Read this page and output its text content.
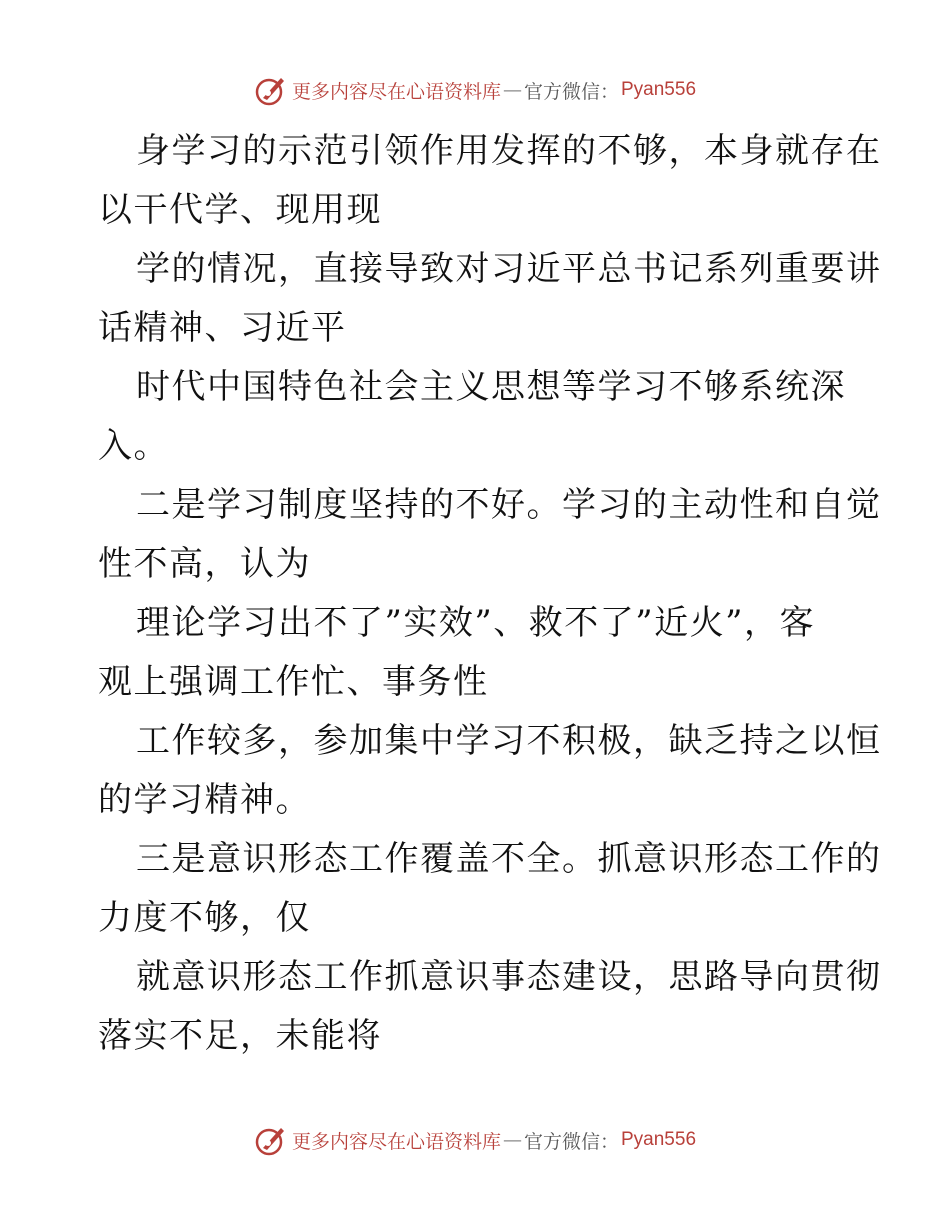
更多内容尽在心语资料库 — 官方微信： Pyan556

身学习的示范引领作用发挥的不够，本身就存在
以干代学、现用现

学的情况，直接导致对习近平总书记系列重要讲
话精神、习近平

时代中国特色社会主义思想等学习不够系统深
入。

二是学习制度坚持的不好。学习的主动性和自觉
性不高，认为

理论学习出不了”实效”、救不了”近火”，客
观上强调工作忙、事务性

工作较多，参加集中学习不积极，缺乏持之以恒
的学习精神。

三是意识形态工作覆盖不全。抓意识形态工作的
力度不够，仅

就意识形态工作抓意识事态建设，思路导向贯彻
落实不足，未能将

更多内容尽在心语资料库 — 官方微信： Pyan556
